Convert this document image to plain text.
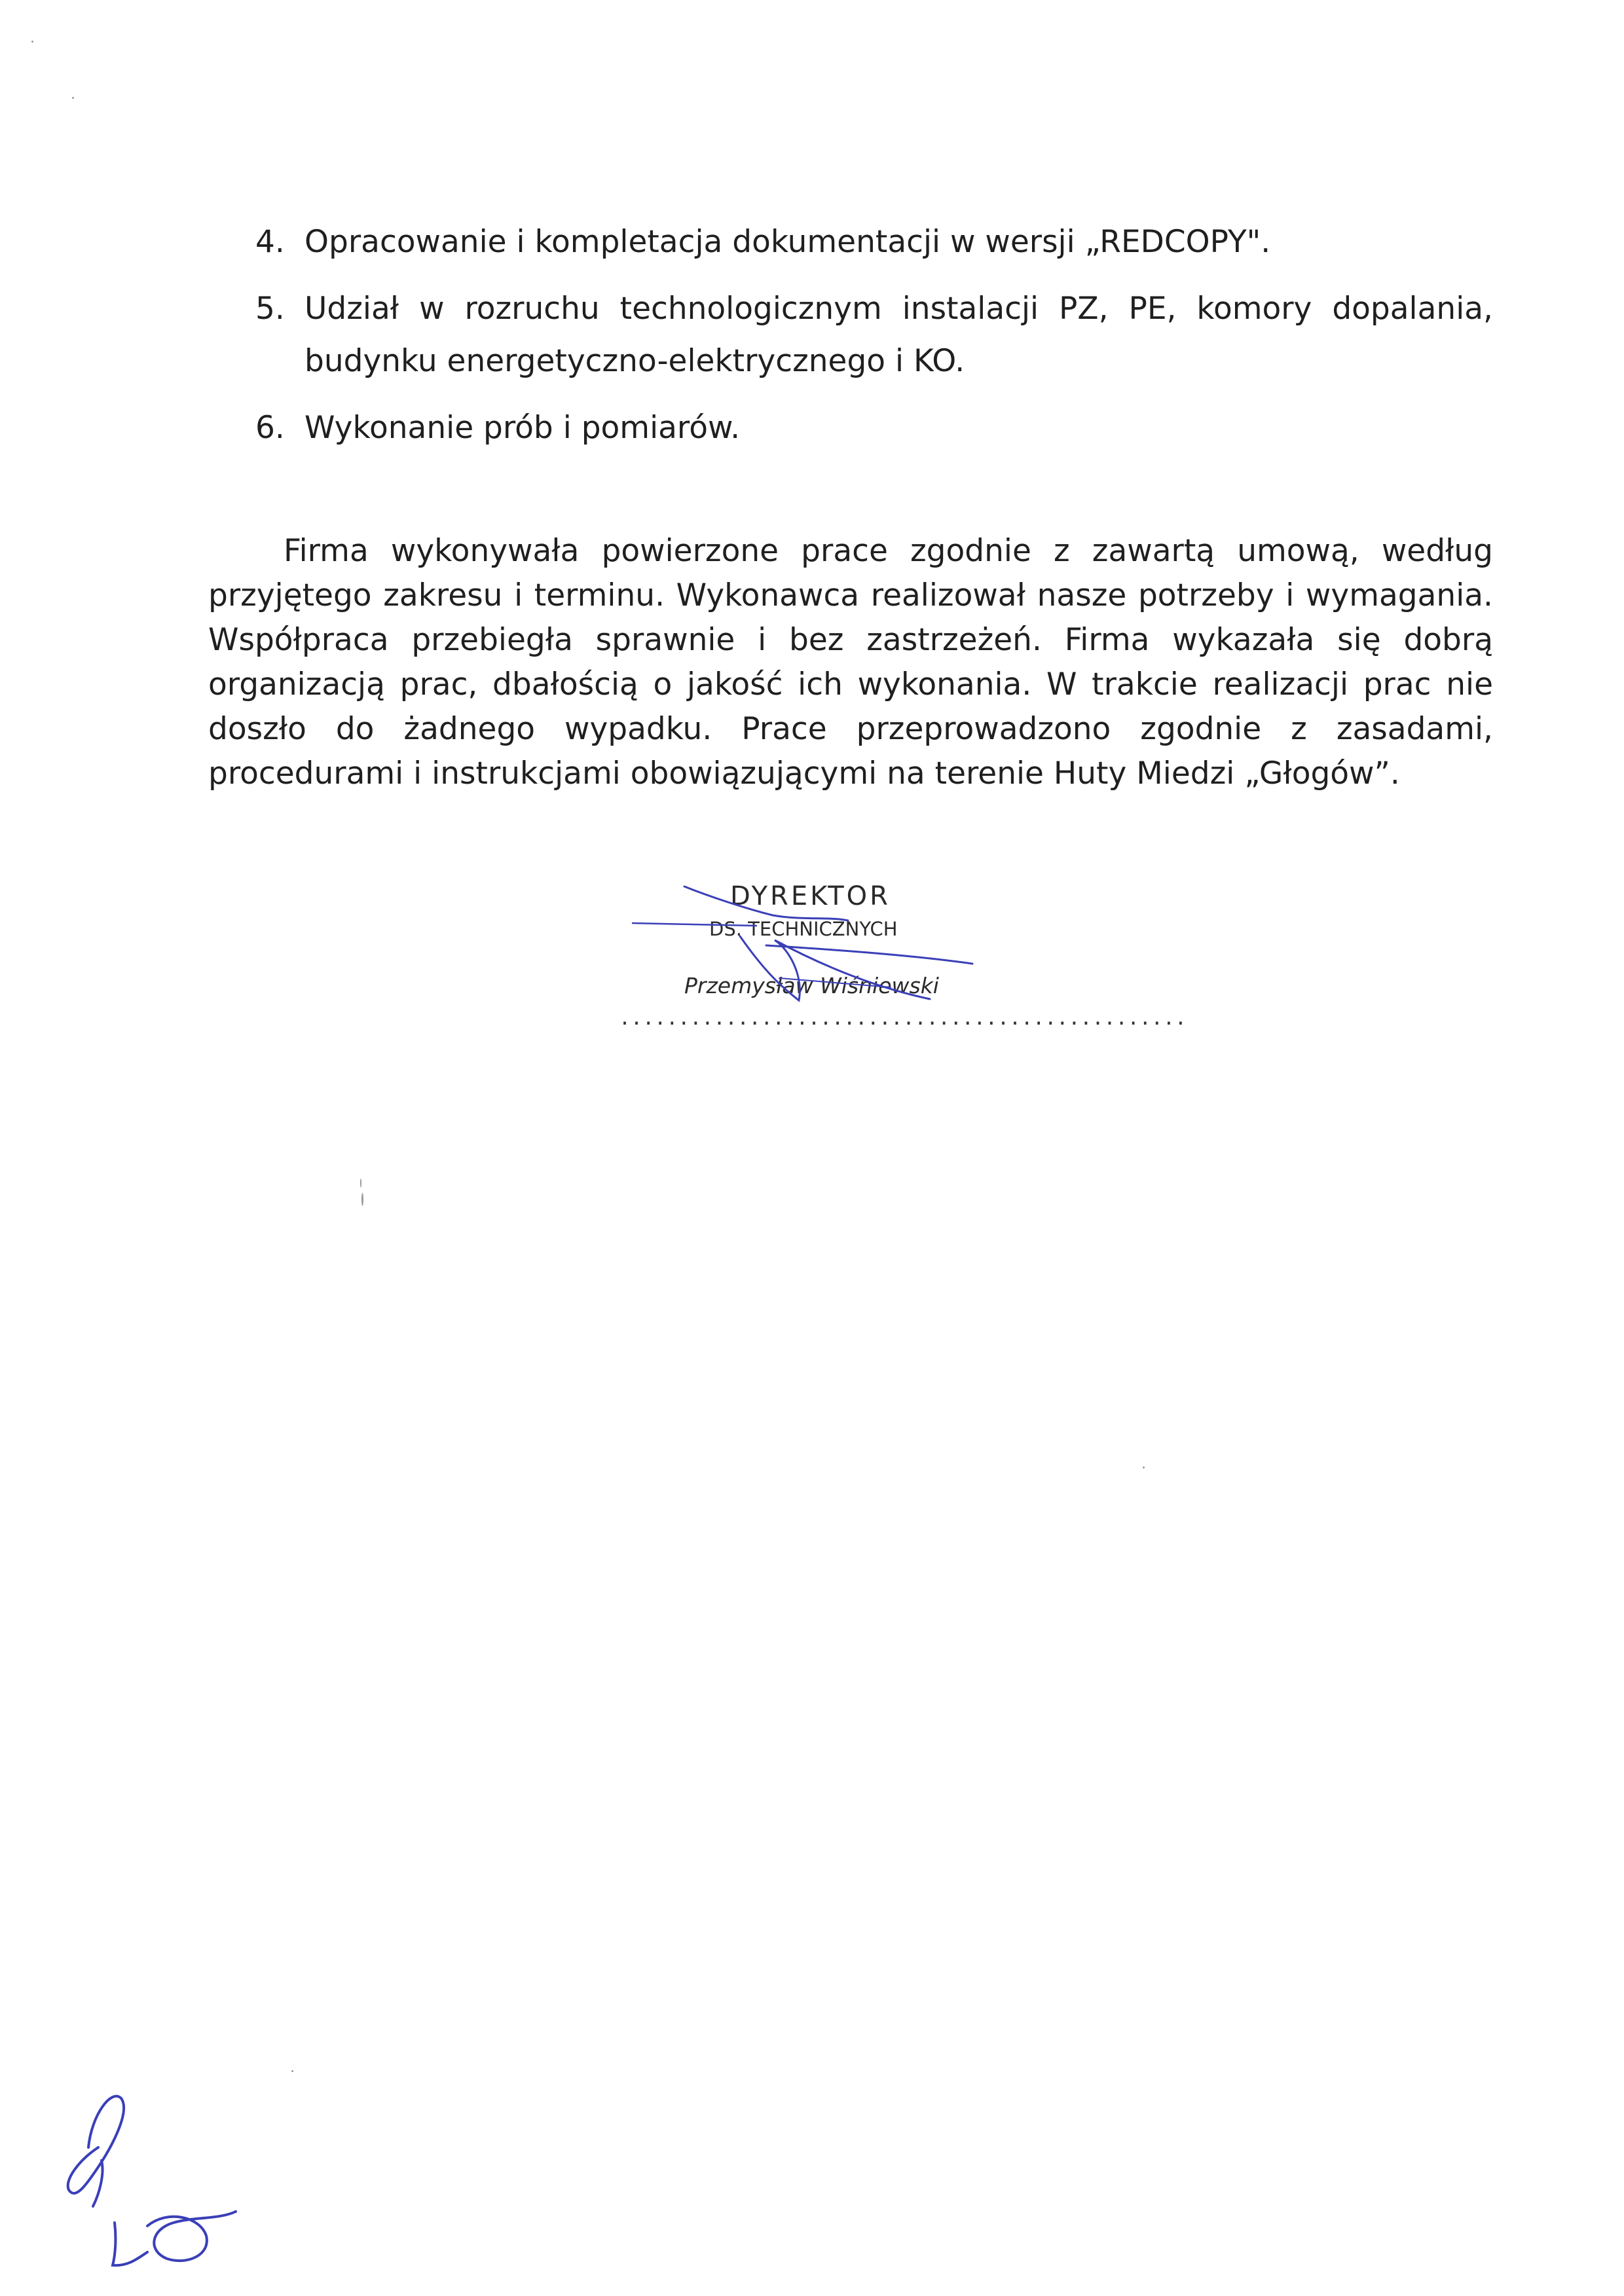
4. Opracowanie i kompletacja dokumentacji w wersji „REDCOPY".
5. Udział w rozruchu technologicznym instalacji PZ, PE, komory dopalania, budynku energetyczno-elektrycznego i KO.
6. Wykonanie prób i pomiarów.

Firma wykonywała powierzone prace zgodnie z zawartą umową, według przyjętego zakresu i terminu. Wykonawca realizował nasze potrzeby i wymagania. Współpraca przebiegła sprawnie i bez zastrzeżeń. Firma wykazała się dobrą organizacją prac, dbałością o jakość ich wykonania. W trakcie realizacji prac nie doszło do żadnego wypadku. Prace przeprowadzono zgodnie z zasadami, procedurami i instrukcjami obowiązującymi na terenie Huty Miedzi „Głogów”.

DYREKTOR
DS. TECHNICZNYCH
Przemysław Wiśniewski
................................................
